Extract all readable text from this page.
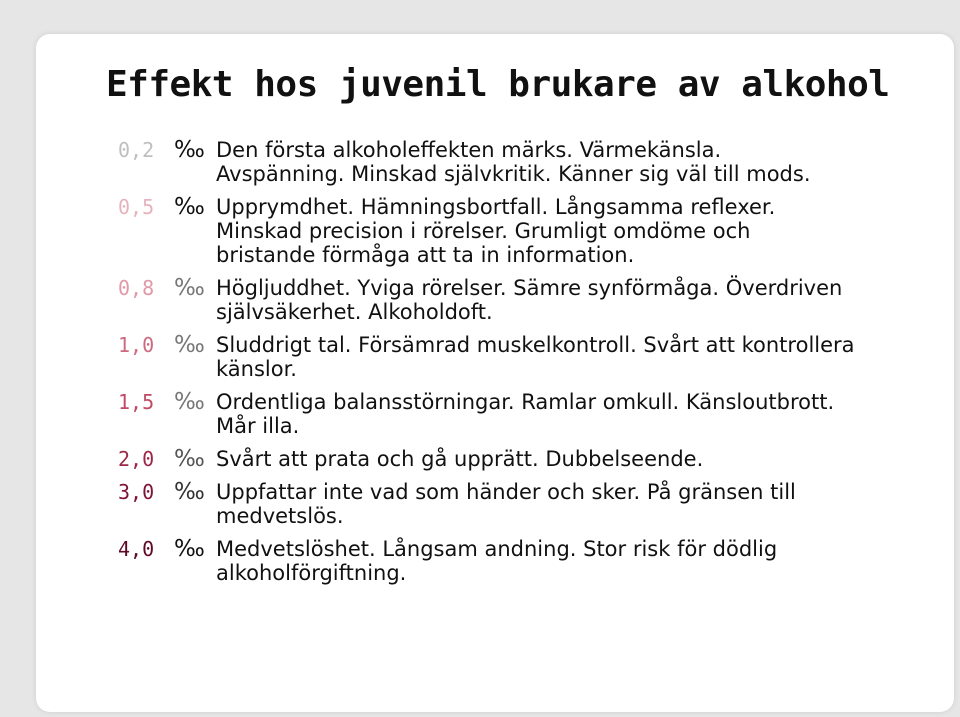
Effekt hos juvenil brukare av alkohol
0,2 ‰ Den första alkoholeffekten märks. Värmekänsla. Avspänning. Minskad självkritik. Känner sig väl till mods.
0,5 ‰ Upprymdhet. Hämningsbortfall. Långsamma reflexer. Minskad precision i rörelser. Grumligt omdöme och bristande förmåga att ta in information.
0,8 ‰ Högljuddhet. Yviga rörelser. Sämre synförmåga. Överdriven självsäkerhet. Alkoholdoft.
1,0 ‰ Sluddrigt tal. Försämrad muskelkontroll. Svårt att kontrollera känslor.
1,5 ‰ Ordentliga balansstörningar. Ramlar omkull. Känsloutbrott. Mår illa.
2,0 ‰ Svårt att prata och gå upprätt. Dubbelseende.
3,0 ‰ Uppfattar inte vad som händer och sker. På gränsen till medvetslös.
4,0 ‰ Medvetslöshet. Långsam andning. Stor risk för dödlig alkoholförgiftning.
